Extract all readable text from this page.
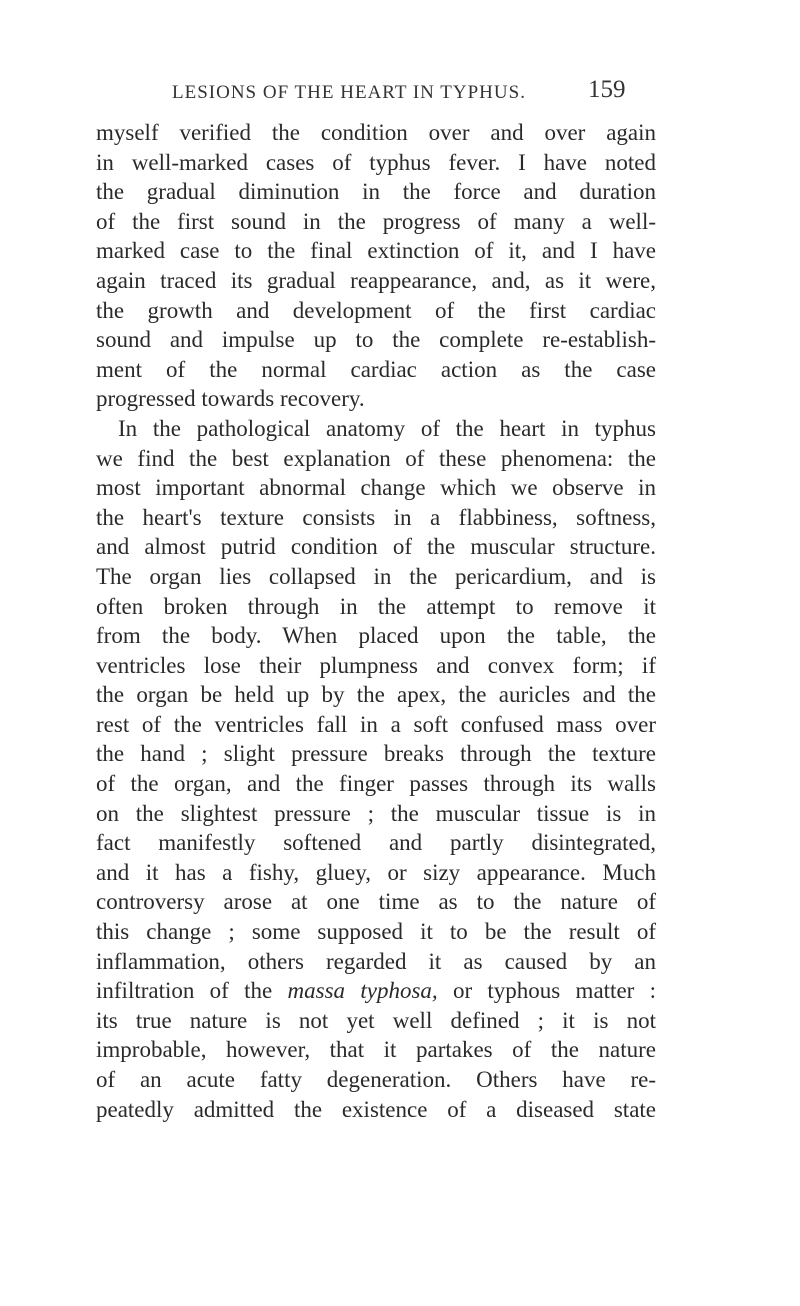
LESIONS OF THE HEART IN TYPHUS.	159
myself verified the condition over and over again
in well-marked cases of typhus fever. I have noted
the gradual diminution in the force and duration
of the first sound in the progress of many a well-
marked case to the final extinction of it, and I have
again traced its gradual reappearance, and, as it were,
the growth and development of the first cardiac
sound and impulse up to the complete re-establish-
ment of the normal cardiac action as the case
progressed towards recovery.
In the pathological anatomy of the heart in typhus
we find the best explanation of these phenomena: the
most important abnormal change which we observe in
the heart's texture consists in a flabbiness, softness,
and almost putrid condition of the muscular structure.
The organ lies collapsed in the pericardium, and is
often broken through in the attempt to remove it
from the body. When placed upon the table, the
ventricles lose their plumpness and convex form; if
the organ be held up by the apex, the auricles and the
rest of the ventricles fall in a soft confused mass over
the hand ; slight pressure breaks through the texture
of the organ, and the finger passes through its walls
on the slightest pressure ; the muscular tissue is in
fact manifestly softened and partly disintegrated,
and it has a fishy, gluey, or sizy appearance. Much
controversy arose at one time as to the nature of
this change ; some supposed it to be the result of
inflammation, others regarded it as caused by an
infiltration of the massa typhosa, or typhous matter :
its true nature is not yet well defined ; it is not
improbable, however, that it partakes of the nature
of an acute fatty degeneration. Others have re-
peatedly admitted the existence of a diseased state
